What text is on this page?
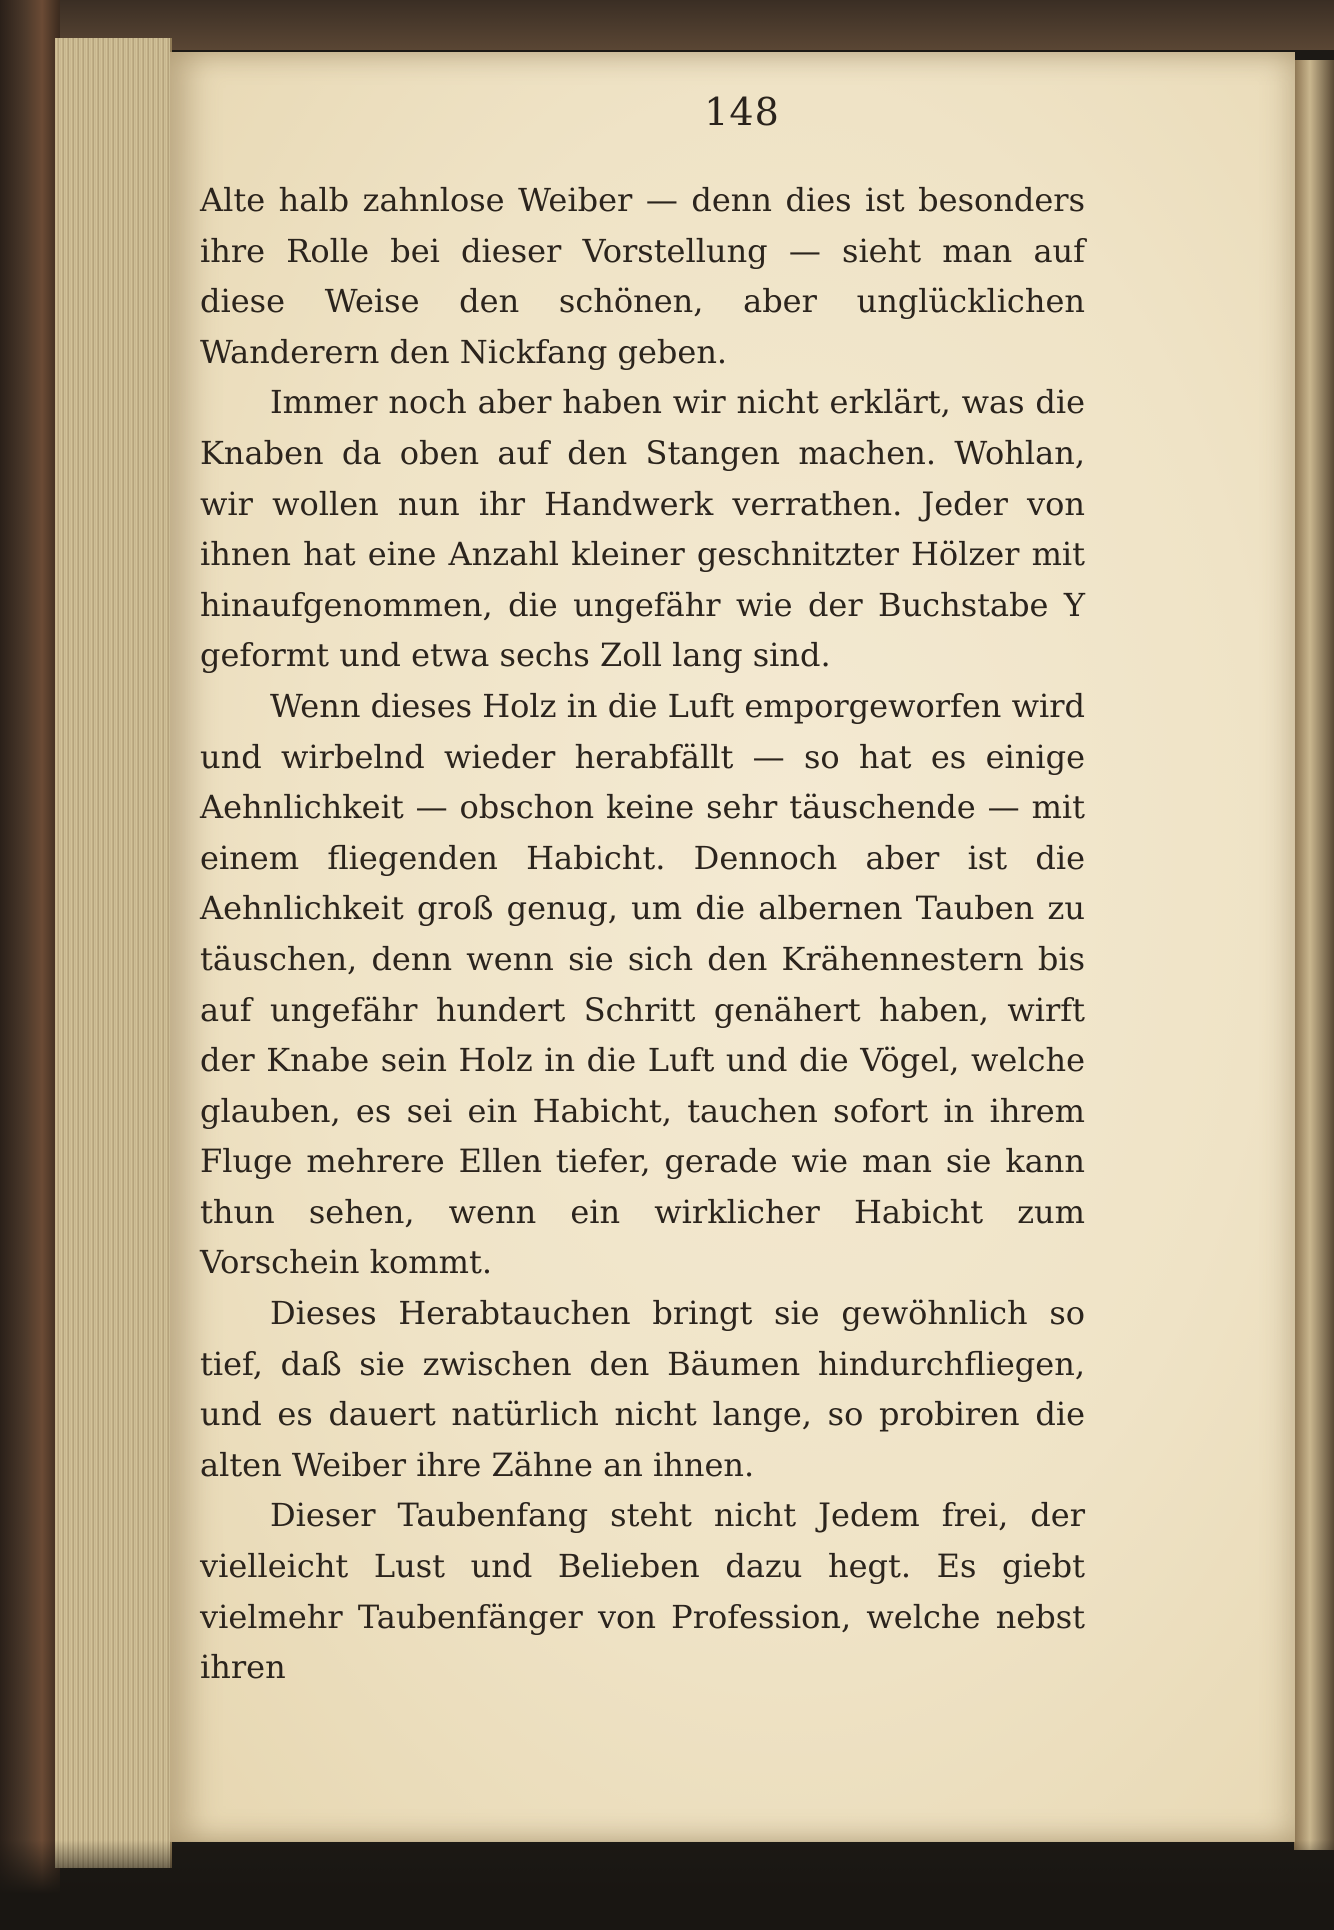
148

Alte halb zahnlose Weiber — denn dies ist besonders ihre Rolle bei dieser Vorstellung — sieht man auf diese Weise den schönen, aber unglücklichen Wanderern den Nickfang geben.

Immer noch aber haben wir nicht erklärt, was die Knaben da oben auf den Stangen machen. Wohlan, wir wollen nun ihr Handwerk verrathen. Jeder von ihnen hat eine Anzahl kleiner geschnitzter Hölzer mit hinaufgenommen, die ungefähr wie der Buchstabe Y geformt und etwa sechs Zoll lang sind.

Wenn dieses Holz in die Luft emporgeworfen wird und wirbelnd wieder herabfällt — so hat es einige Aehnlichkeit — obschon keine sehr täuschende — mit einem fliegenden Habicht. Dennoch aber ist die Aehnlichkeit groß genug, um die albernen Tauben zu täuschen, denn wenn sie sich den Krähennestern bis auf ungefähr hundert Schritt genähert haben, wirft der Knabe sein Holz in die Luft und die Vögel, welche glauben, es sei ein Habicht, tauchen sofort in ihrem Fluge mehrere Ellen tiefer, gerade wie man sie kann thun sehen, wenn ein wirklicher Habicht zum Vorschein kommt.

Dieses Herabtauchen bringt sie gewöhnlich so tief, daß sie zwischen den Bäumen hindurchfliegen, und es dauert natürlich nicht lange, so probiren die alten Weiber ihre Zähne an ihnen.

Dieser Taubenfang steht nicht Jedem frei, der vielleicht Lust und Belieben dazu hegt. Es giebt vielmehr Taubenfänger von Profession, welche nebst ihren
